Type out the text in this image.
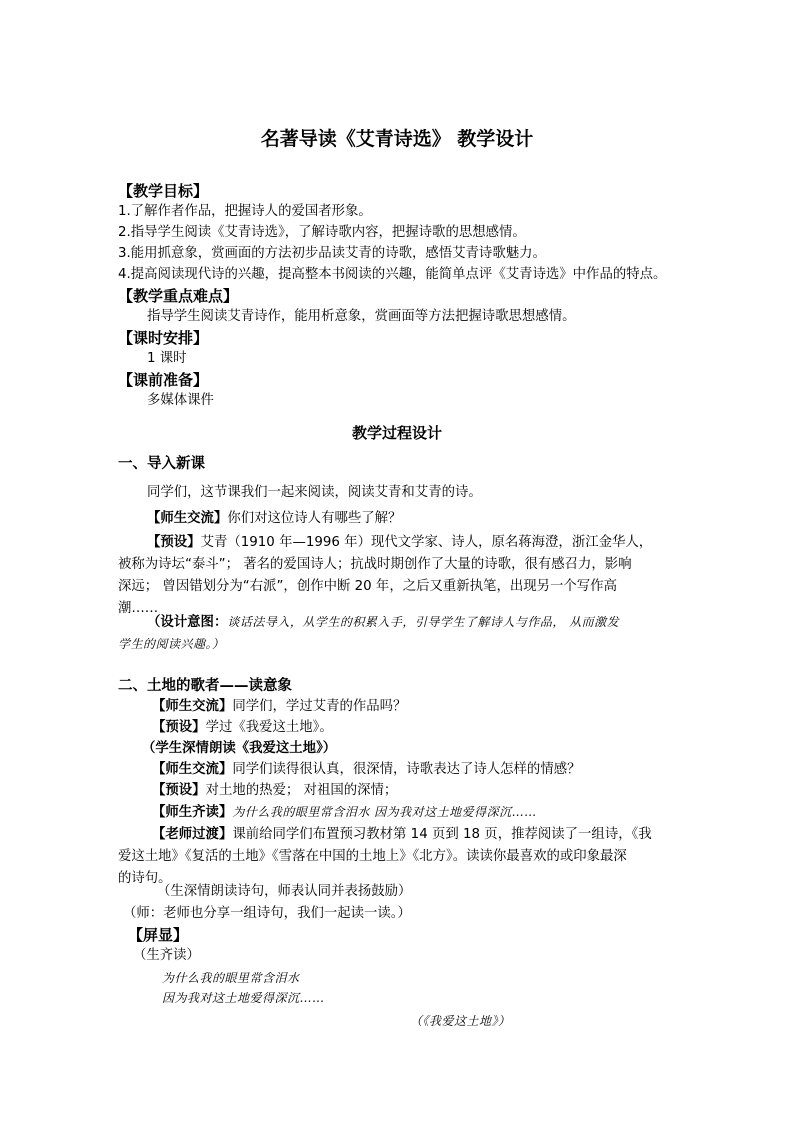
名著导读《艾青诗选》 教学设计
【教学目标】
1.了解作者作品，把握诗人的爱国者形象。
2.指导学生阅读《艾青诗选》，了解诗歌内容，把握诗歌的思想感情。
3.能用抓意象，赏画面的方法初步品读艾青的诗歌，感悟艾青诗歌魅力。
4.提高阅读现代诗的兴趣，提高整本书阅读的兴趣，能简单点评《艾青诗选》中作品的特点。
【教学重点难点】
指导学生阅读艾青诗作，能用析意象，赏画面等方法把握诗歌思想感情。
【课时安排】
1 课时
【课前准备】
多媒体课件
教学过程设计
一、导入新课
同学们，这节课我们一起来阅读，阅读艾青和艾青的诗。
【师生交流】你们对这位诗人有哪些了解？
【预设】艾青（1910 年—1996 年）现代文学家、诗人，原名蒋海澄，浙江金华人，
被称为诗坛“泰斗”； 著名的爱国诗人；抗战时期创作了大量的诗歌，很有感召力，影响
深远； 曾因错划分为“右派”，创作中断 20 年，之后又重新执笔，出现另一个写作高
潮……
（设计意图：谈话法导入，从学生的积累入手，引导学生了解诗人与作品， 从而激发
学生的阅读兴趣。）
二、土地的歌者——读意象
【师生交流】同学们，学过艾青的作品吗？
【预设】学过《我爱这土地》。
（学生深情朗读《我爱这土地》）
【师生交流】同学们读得很认真，很深情，诗歌表达了诗人怎样的情感？
【预设】对土地的热爱； 对祖国的深情；
【师生齐读】为什么我的眼里常含泪水 因为我对这土地爱得深沉……
【老师过渡】课前给同学们布置预习教材第 14 页到 18 页，推荐阅读了一组诗，《我
爱这土地》《复活的土地》《雪落在中国的土地上》《北方》。读读你最喜欢的或印象最深
的诗句。
（生深情朗读诗句，师表认同并表扬鼓励）
（师：老师也分享一组诗句，我们一起读一读。）
【屏显】
（生齐读）
为什么我的眼里常含泪水
因为我对这土地爱得深沉……
（《我爱这土地》）
